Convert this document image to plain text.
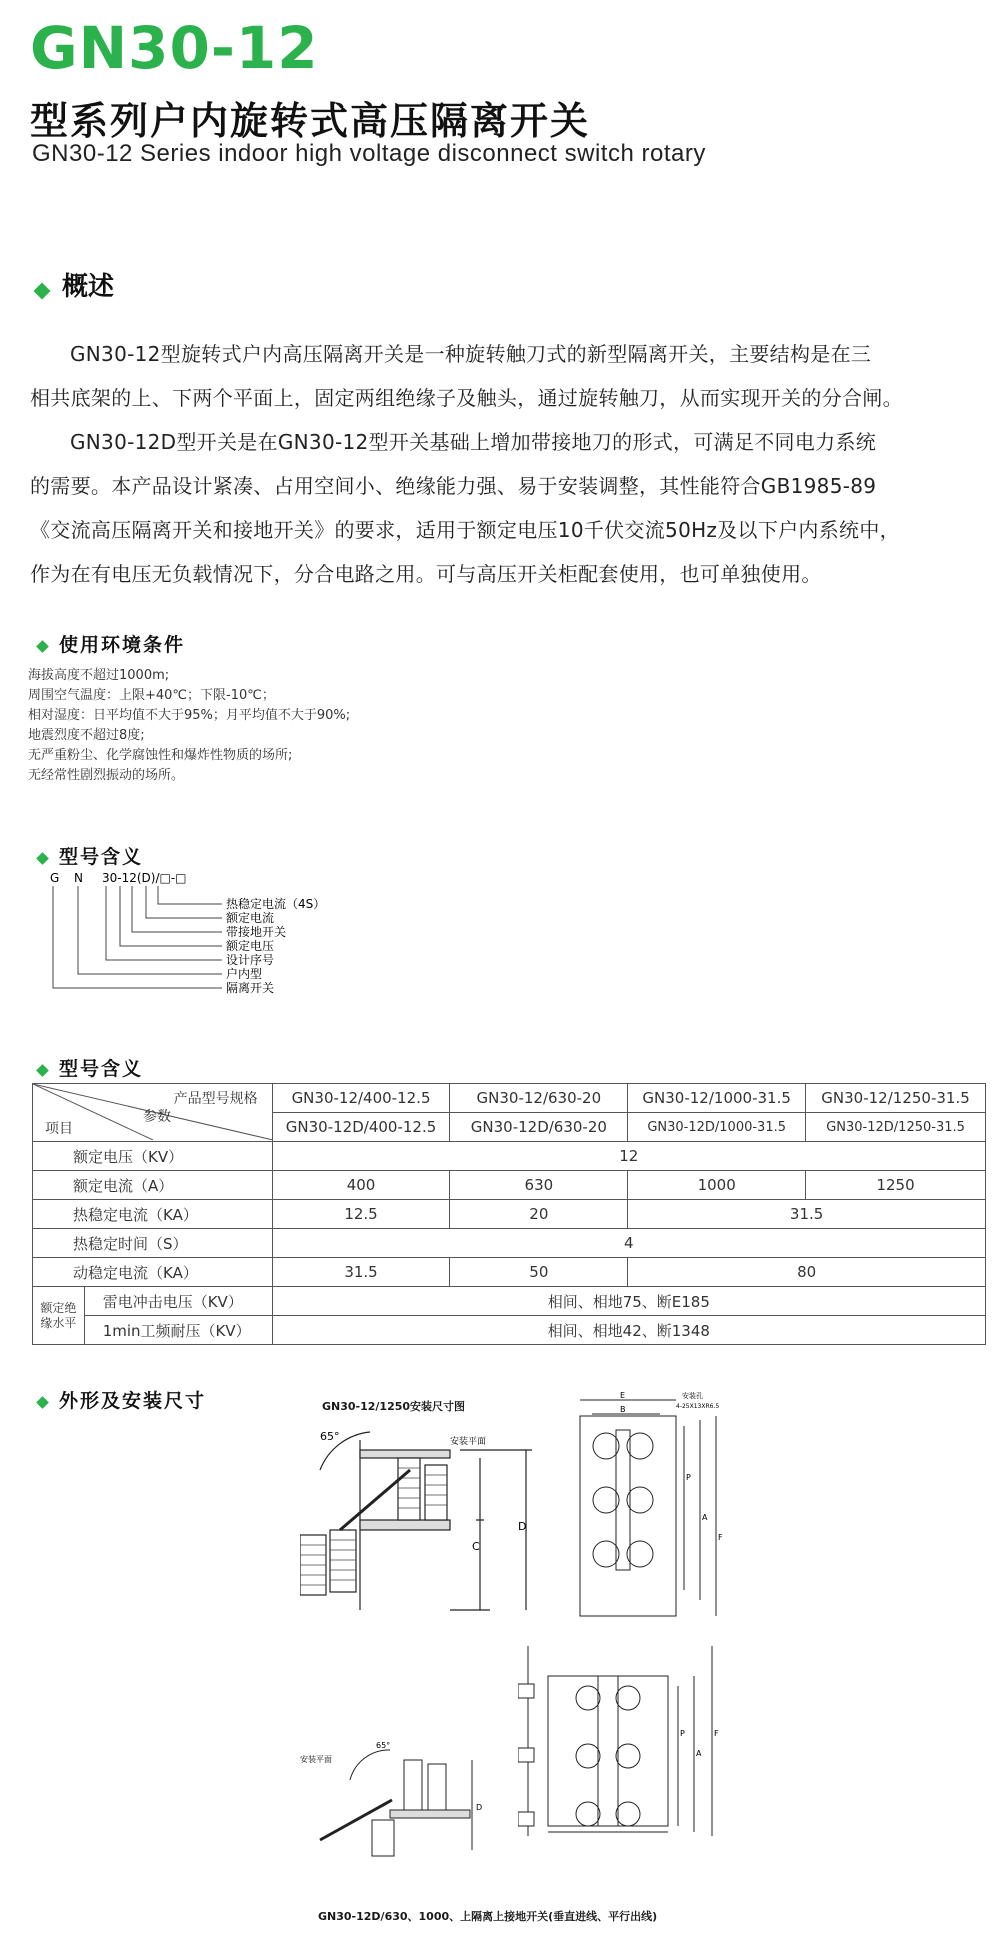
GN30-12
型系列户内旋转式高压隔离开关
GN30-12 Series indoor high voltage disconnect switch rotary
概述

GN30-12型旋转式户内高压隔离开关是一种旋转触刀式的新型隔离开关，主要结构是在三

相共底架的上、下两个平面上，固定两组绝缘子及触头，通过旋转触刀，从而实现开关的分合闸。

GN30-12D型开关是在GN30-12型开关基础上增加带接地刀的形式，可满足不同电力系统

的需要。本产品设计紧凑、占用空间小、绝缘能力强、易于安装调整，其性能符合GB1985-89

《交流高压隔离开关和接地开关》的要求，适用于额定电压10千伏交流50Hz及以下户内系统中，

作为在有电压无负载情况下，分合电路之用。可与高压开关柜配套使用，也可单独使用。

使用环境条件
海拔高度不超过1000m;
周围空气温度：上限+40℃；下限-10℃；
相对湿度：日平均值不大于95%；月平均值不大于90%;
地震烈度不超过8度;
无严重粉尘、化学腐蚀性和爆炸性物质的场所;
无经常性剧烈振动的场所。
型号含义
G N 30-12(D)/□-□
热稳定电流（4S）
额定电流
带接地开关
额定电压
设计序号
户内型
隔离开关
型号含义
产品型号规格
参数
项目		GN30-12/400-12.5	GN30-12/630-20	GN30-12/1000-31.5	GN30-12/1250-31.5
		GN30-12D/400-12.5	GN30-12D/630-20	GN30-12D/1000-31.5	GN30-12D/1250-31.5
额定电压（KV）		12			
额定电流（A）		400	630	1000	1250
热稳定电流（KA）		12.5	20	31.5	
热稳定时间（S）		4			
动稳定电流（KA）		31.5	50	80	
额定绝缘水平	雷电冲击电压（KV）	相间、相地75、断E185			
	1min工频耐压（KV）	相间、相地42、断1348			
外形及安装尺寸	GN30-12/1250安装尺寸图
65°	安装平面
C
D
E
B
安装孔
4-25X13XR6.5
P
A
F
P
A
F
65°
安装平面
D
GN30-12D/630、1000、上隔离上接地开关(垂直进线、平行出线)
